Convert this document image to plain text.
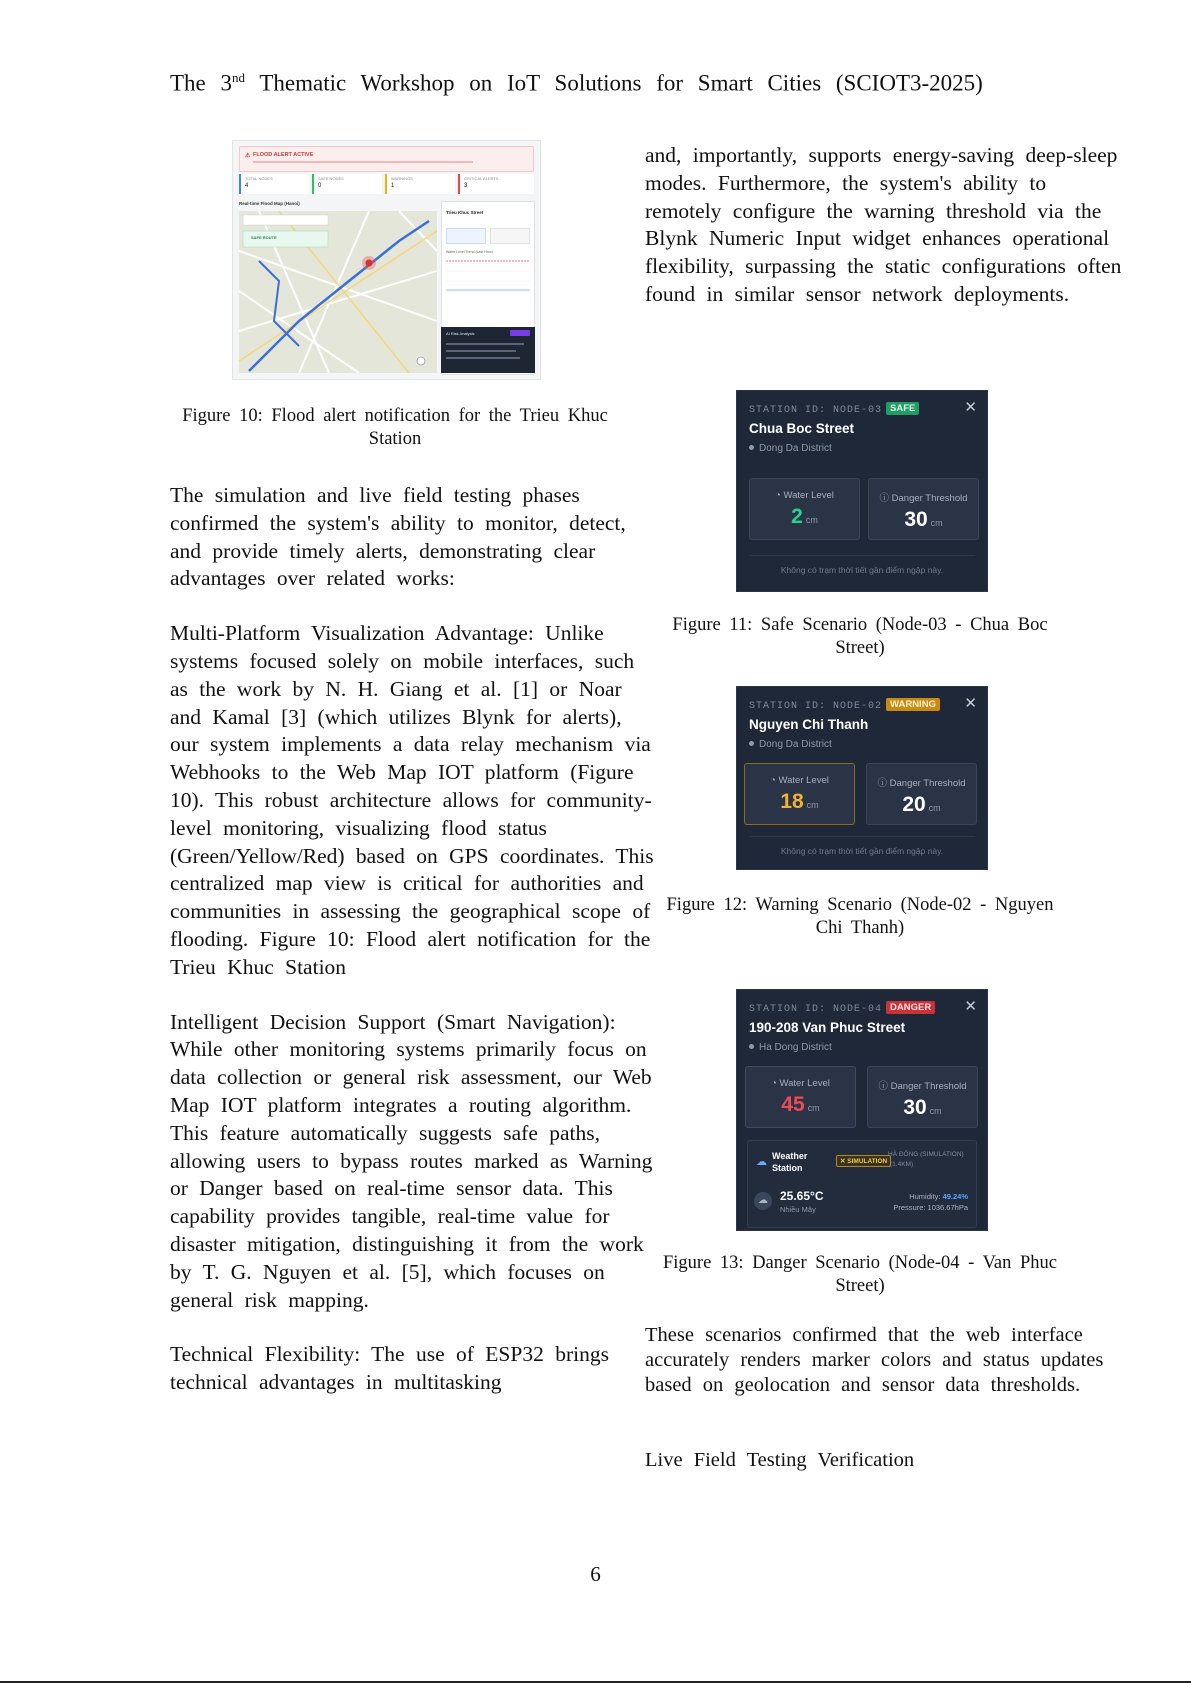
The 3nd Thematic Workshop on IoT Solutions for Smart Cities (SCIOT3-2025)
⚠ FLOOD ALERT ACTIVE
TOTAL NODES
4
SAFE NODES
0
WARNINGS
1
CRITICAL ALERTS
3
Real-time Flood Map (Hanoi)
SAFE ROUTE
Trieu Khuc Street
Water Level Trend (Last Hour)
AI Risk Analysis
Figure 10: Flood alert notification for the Trieu Khuc Station

The simulation and live field testing phases confirmed the system's ability to monitor, detect, and provide timely alerts, demonstrating clear advantages over related works:

Multi-Platform Visualization Advantage: Unlike systems focused solely on mobile interfaces, such as the work by N. H. Giang et al. [1] or Noar and Kamal [3] (which utilizes Blynk for alerts), our system implements a data relay mechanism via Webhooks to the Web Map IOT platform (Figure 10). This robust architecture allows for community-level monitoring, visualizing flood status (Green/Yellow/Red) based on GPS coordinates. This centralized map view is critical for authorities and communities in assessing the geographical scope of flooding. Figure 10: Flood alert notification for the Trieu Khuc Station

Intelligent Decision Support (Smart Navigation): While other monitoring systems primarily focus on data collection or general risk assessment, our Web Map IOT platform integrates a routing algorithm. This feature automatically suggests safe paths, allowing users to bypass routes marked as Warning or Danger based on real-time sensor data. This capability provides tangible, real-time value for disaster mitigation, distinguishing it from the work by T. G. Nguyen et al. [5], which focuses on general risk mapping.

Technical Flexibility: The use of ESP32 brings technical advantages in multitasking

and, importantly, supports energy-saving deep-sleep modes. Furthermore, the system's ability to remotely configure the warning threshold via the Blynk Numeric Input widget enhances operational flexibility, surpassing the static configurations often found in similar sensor network deployments.
STATION ID: NODE-03 SAFE	✕
Chua Boc Street
Dong Da District
◔ Water Level
2 cm
ⓘ Danger Threshold
30 cm
Không có trạm thời tiết gần điểm ngập này.
Figure 11: Safe Scenario (Node-03 - Chua Boc Street)
STATION ID: NODE-02 WARNING ✕
Nguyen Chi Thanh
Dong Da District
◔ Water Level
18 cm
ⓘ Danger Threshold
20 cm
Không có trạm thời tiết gần điểm ngập này.
Figure 12: Warning Scenario (Node-02 - Nguyen Chi Thanh)
STATION ID: NODE-04 DANGER ✕
190-208 Van Phuc Street
Ha Dong District
◔ Water Level
45 cm
ⓘ Danger Threshold
30 cm
☁ Weather Station
✕ SIMULATION
HÀ ĐÔNG (SIMULATION)
(1.4KM)
☁	25.65°C
Nhiều Mây
Humidity: 49.24%
Pressure: 1036.67hPa
Figure 13: Danger Scenario (Node-04 - Van Phuc Street)
These scenarios confirmed that the web interface accurately renders marker colors and status updates based on geolocation and sensor data thresholds.
Live Field Testing Verification
6
